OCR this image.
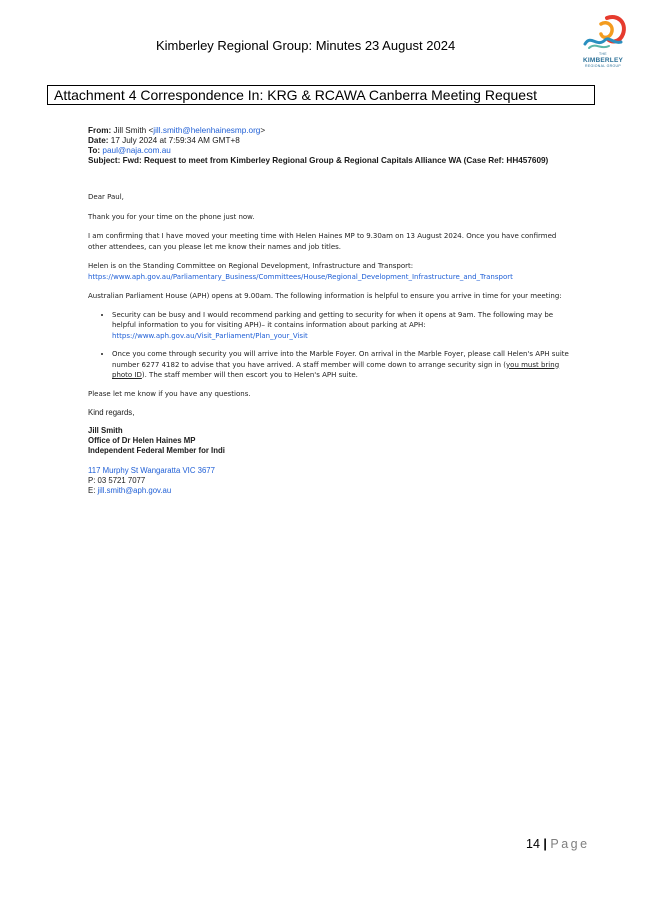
Kimberley Regional Group: Minutes 23 August 2024
THE
KIMBERLEY
REGIONAL GROUP
Attachment 4 Correspondence In: KRG & RCAWA Canberra Meeting Request
From: Jill Smith <jill.smith@helenhainesmp.org>
Date: 17 July 2024 at 7:59:34 AM GMT+8
To: paul@naja.com.au
Subject: Fwd: Request to meet from Kimberley Regional Group & Regional Capitals Alliance WA (Case Ref: HH457609)

Dear Paul,

Thank you for your time on the phone just now.

I am confirming that I have moved your meeting time with Helen Haines MP to 9.30am on 13 August 2024. Once you have confirmed other attendees, can you please let me know their names and job titles.

Helen is on the Standing Committee on Regional Development, Infrastructure and Transport:
https://www.aph.gov.au/Parliamentary_Business/Committees/House/Regional_Development_Infrastructure_and_Transport

Australian Parliament House (APH) opens at 9.00am. The following information is helpful to ensure you arrive in time for your meeting:

• Security can be busy and I would recommend parking and getting to security for when it opens at 9am. The following may be helpful information to you for visiting APH)– it contains information about parking at APH: https://www.aph.gov.au/Visit_Parliament/Plan_your_Visit
• Once you come through security you will arrive into the Marble Foyer. On arrival in the Marble Foyer, please call Helen's APH suite number 6277 4182 to advise that you have arrived. A staff member will come down to arrange security sign in (you must bring photo ID). The staff member will then escort you to Helen's APH suite.

Please let me know if you have any questions.

Kind regards,

Jill Smith
Office of Dr Helen Haines MP
Independent Federal Member for Indi
117 Murphy St Wangaratta VIC 3677
P: 03 5721 7077
E: jill.smith@aph.gov.au
14 | Page
